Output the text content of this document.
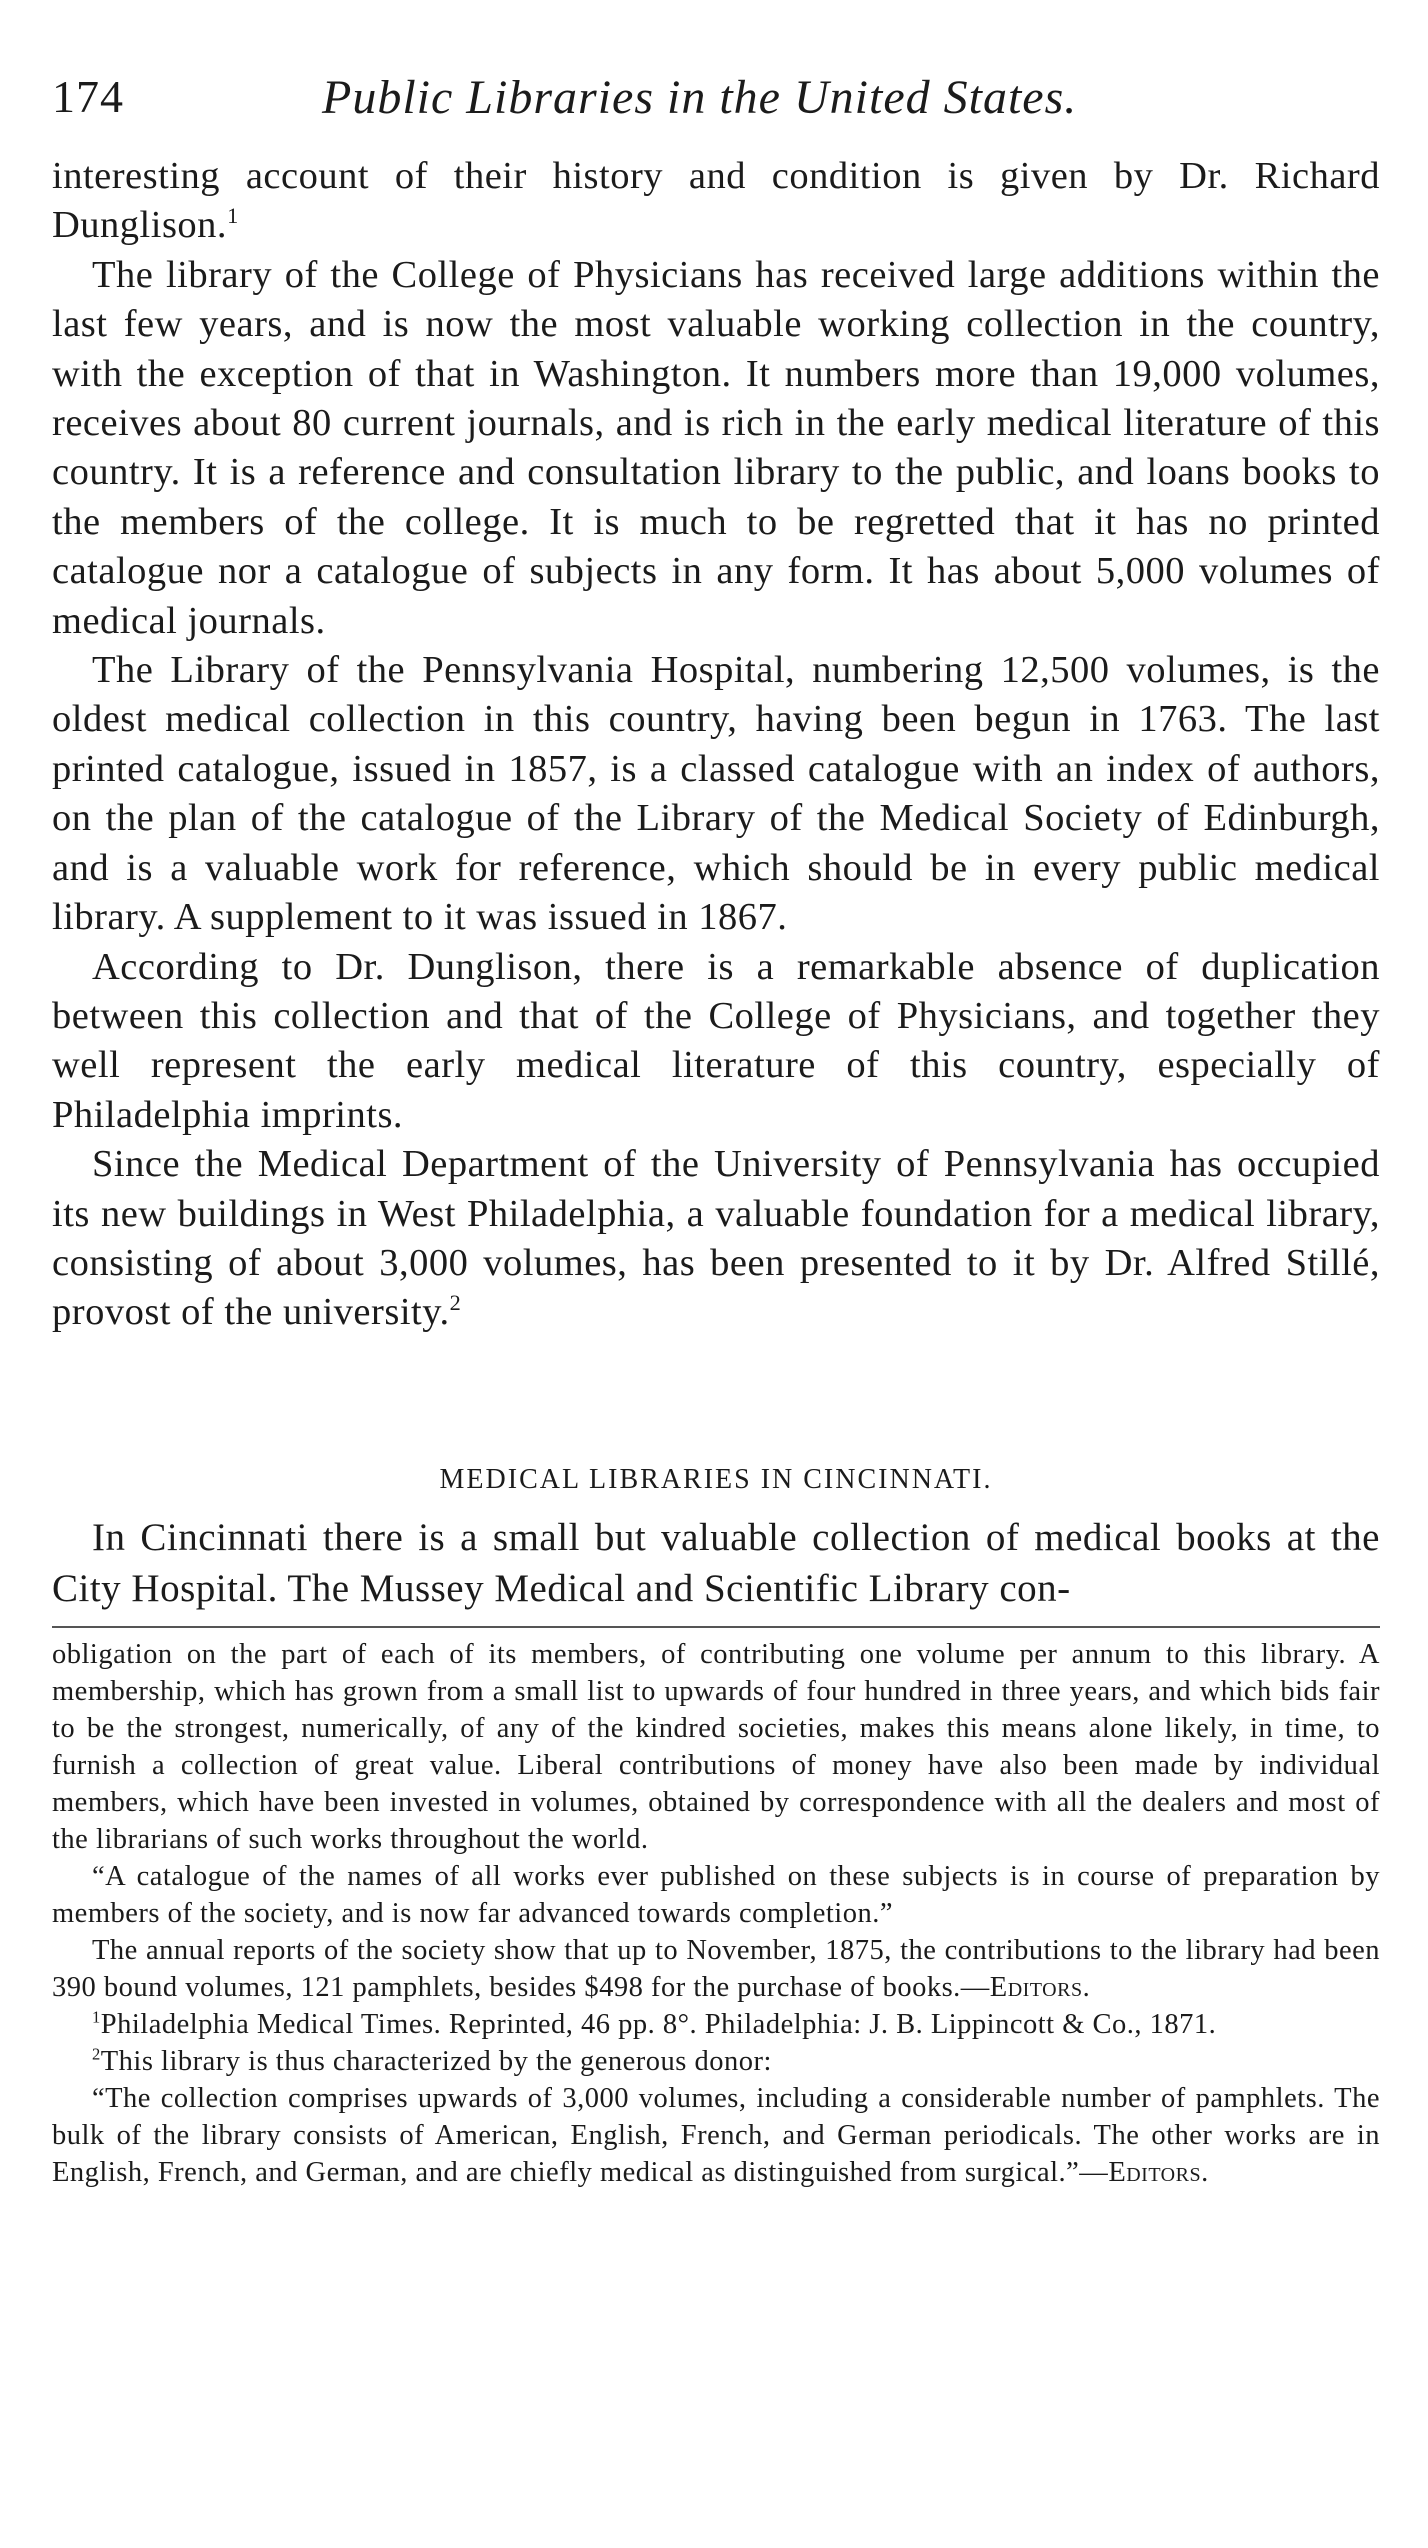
174	Public Libraries in the United States.

interesting account of their history and condition is given by Dr. Richard Dunglison.$^1$

The library of the College of Physicians has received large additions within the last few years, and is now the most valuable working collection in the country, with the exception of that in Washington. It numbers more than 19,000 volumes, receives about 80 current journals, and is rich in the early medical literature of this country. It is a reference and consultation library to the public, and loans books to the members of the college. It is much to be regretted that it has no printed catalogue nor a catalogue of subjects in any form. It has about 5,000 volumes of medical journals.

The Library of the Pennsylvania Hospital, numbering 12,500 volumes, is the oldest medical collection in this country, having been begun in 1763. The last printed catalogue, issued in 1857, is a classed catalogue with an index of authors, on the plan of the catalogue of the Library of the Medical Society of Edinburgh, and is a valuable work for reference, which should be in every public medical library. A supplement to it was issued in 1867.

According to Dr. Dunglison, there is a remarkable absence of duplication between this collection and that of the College of Physicians, and together they well represent the early medical literature of this country, especially of Philadelphia imprints.

Since the Medical Department of the University of Pennsylvania has occupied its new buildings in West Philadelphia, a valuable foundation for a medical library, consisting of about 3,000 volumes, has been presented to it by Dr. Alfred Stillé, provost of the university.$^2$

MEDICAL LIBRARIES IN CINCINNATI.

In Cincinnati there is a small but valuable collection of medical books at the City Hospital. The Mussey Medical and Scientific Library con-

obligation on the part of each of its members, of contributing one volume per annum to this library. A membership, which has grown from a small list to upwards of four hundred in three years, and which bids fair to be the strongest, numerically, of any of the kindred societies, makes this means alone likely, in time, to furnish a collection of great value. Liberal contributions of money have also been made by individual members, which have been invested in volumes, obtained by correspondence with all the dealers and most of the librarians of such works throughout the world.

“A catalogue of the names of all works ever published on these subjects is in course of preparation by members of the society, and is now far advanced towards completion.”

The annual reports of the society show that up to November, 1875, the contributions to the library had been 390 bound volumes, 121 pamphlets, besides $498 for the purchase of books.—Editors.

$^1$Philadelphia Medical Times. Reprinted, 46 pp. 8°. Philadelphia: J. B. Lippincott & Co., 1871.

$^2$This library is thus characterized by the generous donor:

“The collection comprises upwards of 3,000 volumes, including a considerable number of pamphlets. The bulk of the library consists of American, English, French, and German periodicals. The other works are in English, French, and German, and are chiefly medical as distinguished from surgical.”—Editors.
